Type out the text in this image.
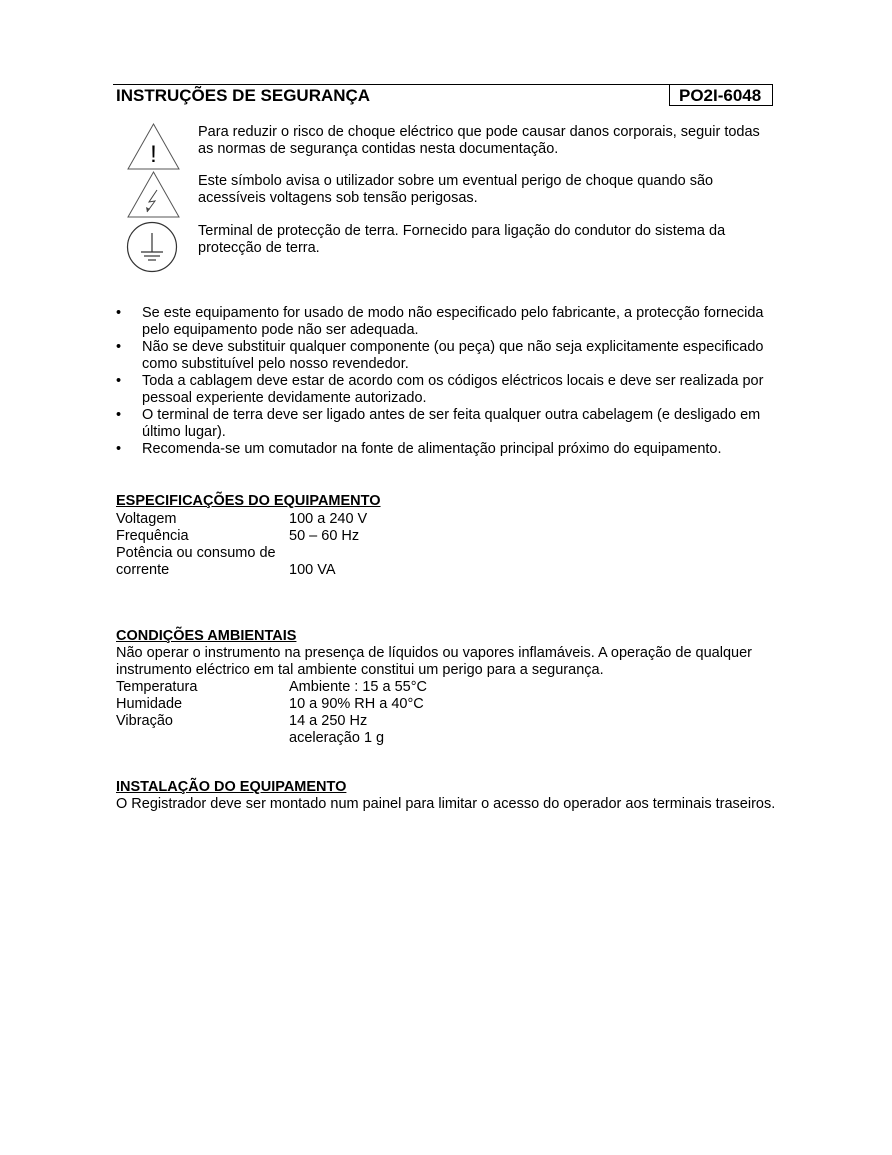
INSTRUÇÕES DE SEGURANÇA	PO2I-6048
!
Para reduzir o risco de choque eléctrico que pode causar danos corporais, seguir todas as normas de segurança contidas nesta documentação.
Este símbolo avisa o utilizador sobre um eventual perigo de choque quando são acessíveis voltagens sob tensão perigosas.
Terminal de protecção de terra. Fornecido para ligação do condutor do sistema da protecção de terra.
• Se este equipamento for usado de modo não especificado pelo fabricante, a protecção fornecida pelo equipamento pode não ser adequada.
• Não se deve substituir qualquer componente (ou peça) que não seja explicitamente especificado como substituível pelo nosso revendedor.
• Toda a cablagem deve estar de acordo com os códigos eléctricos locais e deve ser realizada por pessoal experiente devidamente autorizado.
• O terminal de terra deve ser ligado antes de ser feita qualquer outra cabelagem (e desligado em último lugar).
• Recomenda-se um comutador na fonte de alimentação principal próximo do equipamento.
ESPECIFICAÇÕES DO EQUIPAMENTO
Voltagem	100 a 240 V
Frequência	50 – 60 Hz
Potência ou consumo de
corrente	100 VA
CONDIÇÕES AMBIENTAIS
Não operar o instrumento na presença de líquidos ou vapores inflamáveis. A operação de qualquer instrumento eléctrico em tal ambiente constitui um perigo para a segurança.
Temperatura	Ambiente : 15 a 55°C
Humidade	10 a 90% RH a 40°C
Vibração	14 a 250 Hz
aceleração 1 g
INSTALAÇÃO DO EQUIPAMENTO
O Registrador deve ser montado num painel para limitar o acesso do operador aos terminais traseiros.
